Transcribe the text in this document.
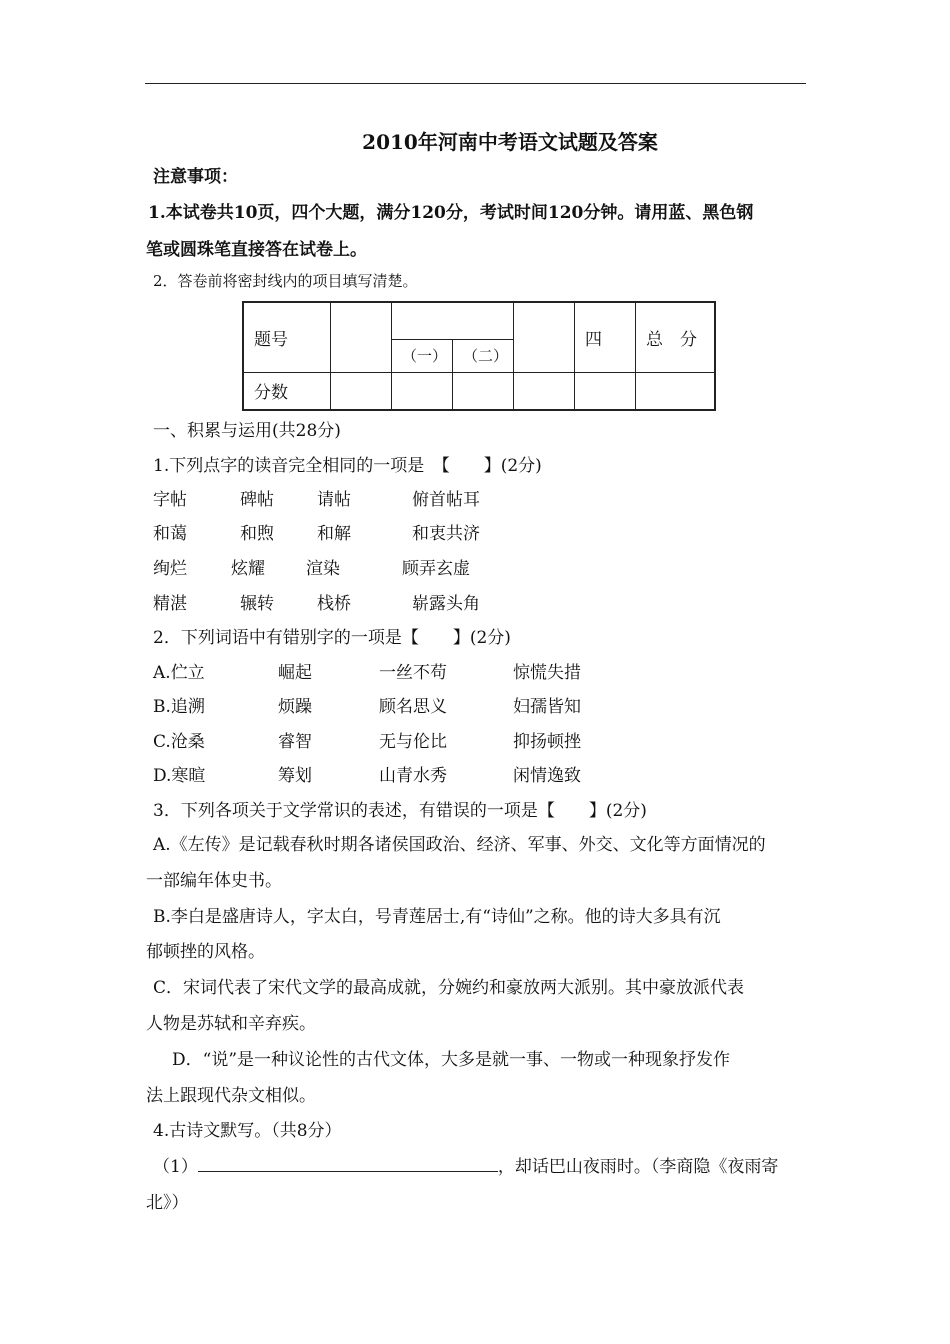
2010年河南中考语文试题及答案
注意事项：
1.本试卷共10页，四个大题，满分120分，考试时间120分钟。请用蓝、黑色钢
笔或圆珠笔直接答在试卷上。
2．答卷前将密封线内的项目填写清楚。
题号					四	总　分
		（一）	（二）			
分数						
一、积累与运用(共28分)
1.下列点字的读音完全相同的一项是　【　　】(2分)
字帖	碑帖	请帖	俯首帖耳
和蔼	和煦	和解	和衷共济
绚烂	炫耀 渲染	顾弄玄虚
精湛	辗转	栈桥	崭露头角
2．下列词语中有错别字的一项是【　　】(2分)
A.伫立	崛起	一丝不苟	惊慌失措
B.追溯	烦躁	顾名思义	妇孺皆知
C.沧桑	睿智	无与伦比	抑扬顿挫
D.寒暄	筹划	山青水秀	闲情逸致
3．下列各项关于文学常识的表述，有错误的一项是【　　】(2分)
A.《左传》是记载春秋时期各诸侯国政治、经济、军事、外交、文化等方面情况的
一部编年体史书。
B.李白是盛唐诗人，字太白，号青莲居士,有“诗仙”之称。他的诗大多具有沉
郁顿挫的风格。
C．宋词代表了宋代文学的最高成就，分婉约和豪放两大派别。其中豪放派代表
人物是苏轼和辛弃疾。
D．“说”是一种议论性的古代文体，大多是就一事、一物或一种现象抒发作
法上跟现代杂文相似。
4.古诗文默写。（共8分）
（1）	，却话巴山夜雨时。（李商隐《夜雨寄
北》）
